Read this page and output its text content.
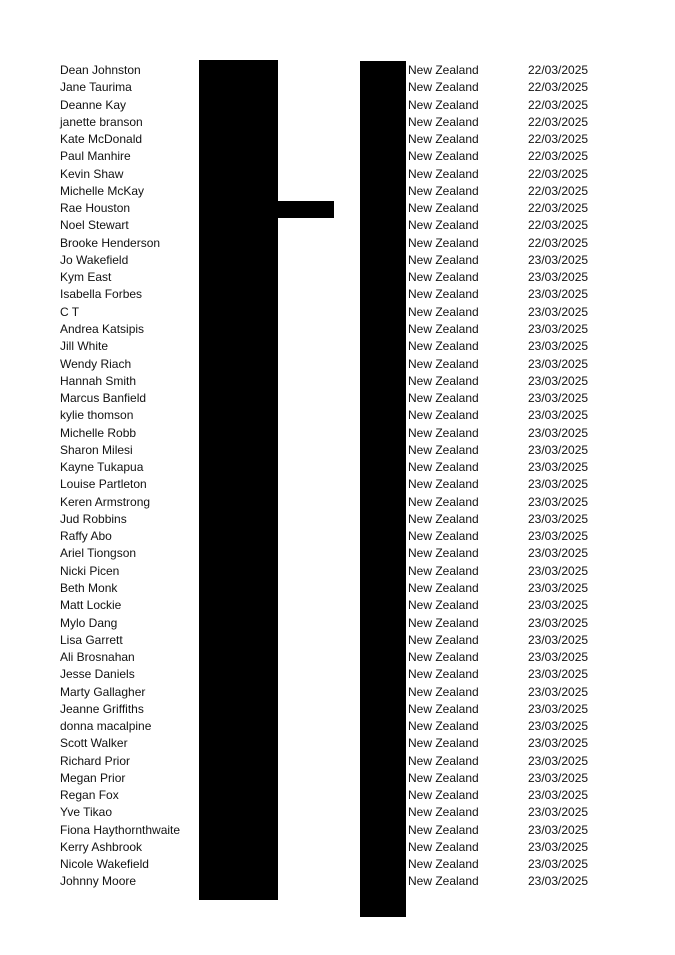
Dean Johnston	New Zealand	22/03/2025
Jane Taurima	New Zealand	22/03/2025
Deanne Kay	New Zealand	22/03/2025
janette branson	New Zealand	22/03/2025
Kate McDonald	New Zealand	22/03/2025
Paul Manhire	New Zealand	22/03/2025
Kevin Shaw	New Zealand	22/03/2025
Michelle McKay	New Zealand	22/03/2025
Rae Houston	New Zealand	22/03/2025
Noel Stewart	New Zealand	22/03/2025
Brooke Henderson	New Zealand	22/03/2025
Jo Wakefield	New Zealand	23/03/2025
Kym East	New Zealand	23/03/2025
Isabella Forbes	New Zealand	23/03/2025
C T	New Zealand	23/03/2025
Andrea Katsipis	New Zealand	23/03/2025
Jill White	New Zealand	23/03/2025
Wendy Riach	New Zealand	23/03/2025
Hannah Smith	New Zealand	23/03/2025
Marcus Banfield	New Zealand	23/03/2025
kylie thomson	New Zealand	23/03/2025
Michelle Robb	New Zealand	23/03/2025
Sharon Milesi	New Zealand	23/03/2025
Kayne Tukapua	New Zealand	23/03/2025
Louise Partleton	New Zealand	23/03/2025
Keren Armstrong	New Zealand	23/03/2025
Jud Robbins	New Zealand	23/03/2025
Raffy Abo	New Zealand	23/03/2025
Ariel Tiongson	New Zealand	23/03/2025
Nicki Picen	New Zealand	23/03/2025
Beth Monk	New Zealand	23/03/2025
Matt Lockie	New Zealand	23/03/2025
Mylo Dang	New Zealand	23/03/2025
Lisa Garrett	New Zealand	23/03/2025
Ali Brosnahan	New Zealand	23/03/2025
Jesse Daniels	New Zealand	23/03/2025
Marty Gallagher	New Zealand	23/03/2025
Jeanne Griffiths	New Zealand	23/03/2025
donna macalpine	New Zealand	23/03/2025
Scott Walker	New Zealand	23/03/2025
Richard Prior	New Zealand	23/03/2025
Megan Prior	New Zealand	23/03/2025
Regan Fox	New Zealand	23/03/2025
Yve Tikao	New Zealand	23/03/2025
Fiona Haythornthwaite	New Zealand	23/03/2025
Kerry Ashbrook	New Zealand	23/03/2025
Nicole Wakefield	New Zealand	23/03/2025
Johnny Moore	New Zealand	23/03/2025
